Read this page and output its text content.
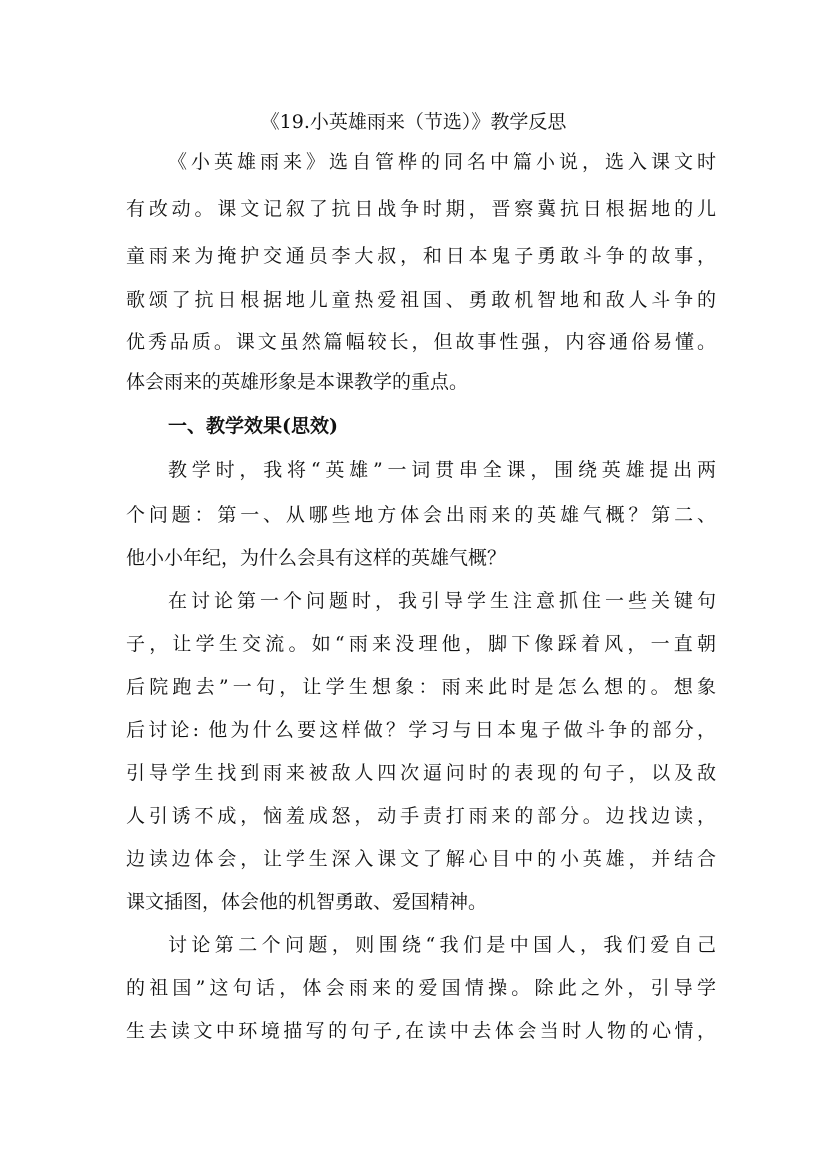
《19.小英雄雨来（节选）》教学反思
《小英雄雨来》选自管桦的同名中篇小说，选入课文时
有改动。课文记叙了抗日战争时期，晋察冀抗日根据地的儿
童雨来为掩护交通员李大叔，和日本鬼子勇敢斗争的故事，
歌颂了抗日根据地儿童热爱祖国、勇敢机智地和敌人斗争的
优秀品质。课文虽然篇幅较长，但故事性强，内容通俗易懂。
体会雨来的英雄形象是本课教学的重点。
一、教学效果(思效)
教学时，我将“英雄”一词贯串全课，围绕英雄提出两
个问题：第一、从哪些地方体会出雨来的英雄气概？第二、
他小小年纪，为什么会具有这样的英雄气概？
在讨论第一个问题时，我引导学生注意抓住一些关键句
子，让学生交流。如“雨来没理他，脚下像踩着风，一直朝
后院跑去”一句，让学生想象：雨来此时是怎么想的。想象
后讨论: 他为什么要这样做？学习与日本鬼子做斗争的部分，
引导学生找到雨来被敌人四次逼问时的表现的句子，以及敌
人引诱不成，恼羞成怒，动手责打雨来的部分。边找边读，
边读边体会，让学生深入课文了解心目中的小英雄，并结合
课文插图，体会他的机智勇敢、爱国精神。
讨论第二个问题，则围绕“我们是中国人，我们爱自己
的祖国”这句话，体会雨来的爱国情操。除此之外，引导学
生去读文中环境描写的句子,在读中去体会当时人物的心情，
